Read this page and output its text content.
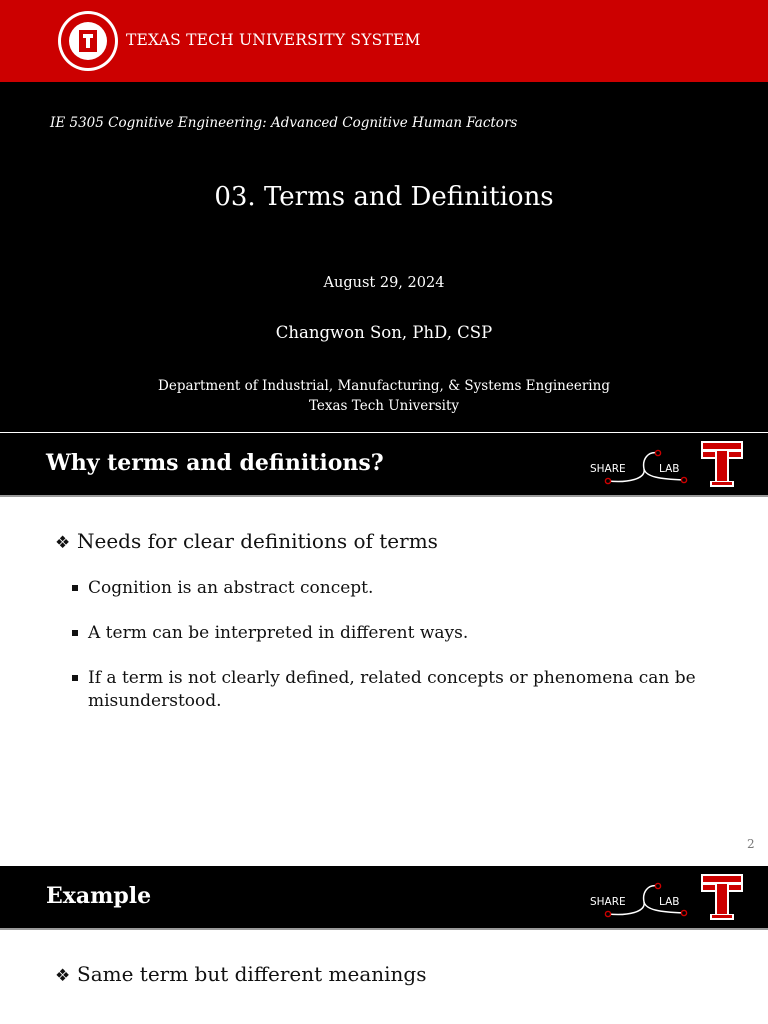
TEXAS TECH UNIVERSITY SYSTEM
IE 5305 Cognitive Engineering: Advanced Cognitive Human Factors
03. Terms and Definitions
August 29, 2024
Changwon Son, PhD, CSP
Department of Industrial, Manufacturing, & Systems Engineering
Texas Tech University
Why terms and definitions?	SHARE	LAB
❖ Needs for clear definitions of terms
Cognition is an abstract concept.
A term can be interpreted in different ways.
If a term is not clearly defined, related concepts or phenomena can be misunderstood.
2
Example	SHARE	LAB
❖ Same term but different meanings
